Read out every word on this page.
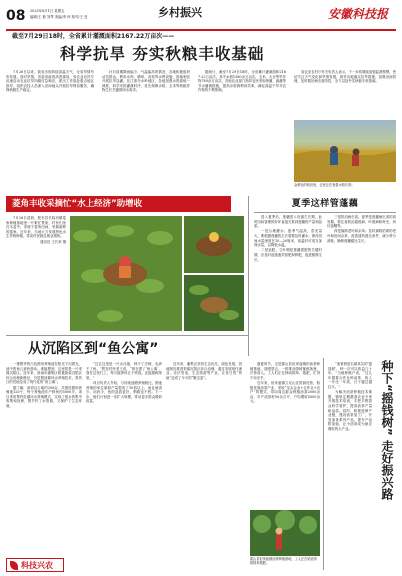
08 2025年8月1日 星期五
编辑/王 艳 刘琴 美编/李 珂 校对/王 莹	乡村振兴	安徽科技报
截至7月29日18时，全省累计灌溉面积2167.22万亩次——
科学抗旱 夯实秋粮丰收基础

7月26日以来，我省出现持续高温天气，全省旱情有所发展。面对旱情，省委省政府高度重视，省农业农村厅迅速启动农业抗旱四级应急响应，派出工作组赴重点地区指导，组织农技人员深入田间地头开展抗旱保苗服务，确保秋粮生产稳定。

针对前期降雨偏少、气温偏高的情况，各地积极组织动员群众，利用水库、塘坝、沟渠等水利设施，因地制宜开展抗旱浇灌。在江淮分水岭地区，各地加强水资源统一调度，科学安排灌溉时序，优先保障水稻、玉米等秋粮作物生长关键期用水需求。

据统计，截至7月29日18时，全省累计灌溉面积2167.22万亩次，其中水稻1380余万亩次，玉米、大豆等旱作物780余万亩次。各地农业部门指导农民采取喷灌、滴灌等节水灌溉措施，提高水资源利用效率，减轻高温干旱对农作物的不利影响。

省农业农村厅有关负责人表示，下一步将继续加强监测预警，密切关注天气变化和旱情发展，指导各地落实抗旱措施，加强田间管理，及时做好病虫害防控，全力以赴夯实秋粮丰收基础。

金黄色的稻田里，农民正在查看水稻长势。
菱角丰收采摘忙“水上经济”助增收

7月28日清晨，肥东县长临河镇菱角种植基地里一片繁忙景象，村民们坐在木盆中，穿梭于菱角田间，采摘新鲜的菱角。近年来，当地大力发展特色水生作物种植，带动村民就近就业增收。

通讯员 王长荣 摄

夏季这样管蓬藕

进入夏季后，莲藕进入旺盛生长期，此时田间管理的好坏直接关系到莲藕的产量和品质。

一是合理灌水。夏季气温高，蒸发量大，要根据莲藕的生长需要及时灌水，保持田间水层深度在10—20厘米，高温时可适当加深水层，以降低水温。

二是追肥。立叶期是莲藕需肥的关键时期，应及时追施速效氮肥和钾肥，促进植株生长。

三是防治病虫害。夏季是莲藕病虫害的高发期，要注意防治腐败病、叶斑病和蚜虫、斜纹夜蛾等。

四是摘除老叶和杂草。及时摘除枯黄的老叶和田间杂草，改善通风透光条件，减少养分消耗，确保莲藕健壮生长。

从沉陷区到“鱼公寓”

一排整齐的白色圆形养殖池在阳光下闪着光，池中的鱼儿欢快游动。谁能想到，这里曾是一片采煤沉陷区。近年来，淮南市潘集区积极探索沉陷区综合治理新路径，引进圆池循环水养殖技术，将昔日的荒地变成了现代化的“鱼公寓”。

据了解，该项目占地约200亩，共建设圆形养殖池120个，每个养殖池年产鲜鱼约5000斤。项目采用集约化循环水养殖模式，实现了尾水的集中收集和处理，既节约了水资源，又保护了生态环境。

“过去这里是一片水洼地，种不了庄稼，也养不了鱼。”附近村民老王说，“现在建了‘鱼公寓’，我在这里打工，每月能挣四五千块钱，还能照顾家里。”

项目负责人介绍，与传统池塘养殖相比，圆池养殖的单位面积产量提高了10倍以上，而且病害少、用药少，鱼的品质更好，销路也不愁。下一步，他们计划进一步扩大规模，带动更多群众增收致富。

近年来，潘集区坚持生态优先、绿色发展，因地制宜推进采煤沉陷区综合治理，通过发展现代渔业、光伏发电、生态旅游等产业，让昔日的“伤疤”变成了今天的“聚宝盆”。

盛夏时节，走进霍山县但家庙镇的油茶种植基地，放眼望去，一排排油茶树郁郁葱葱，长势喜人。工人们正在林间除草、施肥，忙得不亦乐乎。

近年来，但家庙镇立足山区资源优势，积极发展油茶产业，采取“龙头企业+合作社+农户”的模式，带动周边群众种植油茶2000余亩，年产油茶籽50余万斤，户均增收5000余元。

“油茶树是名副其实的‘摇钱树’，种一次可以收益几十年。”当地种植户说，“这几年跟着合作社种油茶，收入一年比一年高，日子越过越红火。”

为解决油茶种植技术难题，镇里定期邀请农业专家开展技术培训，手把手教群众科学管护，提高油茶产量和品质。同时，积极延伸产业链，建设油茶加工厂，开发油茶系列产品，提升产品附加值，让小油茶成为助农增收的大产业。	种下“摇钱树” 走好振兴路
霍山县但家庙镇油茶种植基地，工人正在给油茶树除草施肥。
科技兴农
